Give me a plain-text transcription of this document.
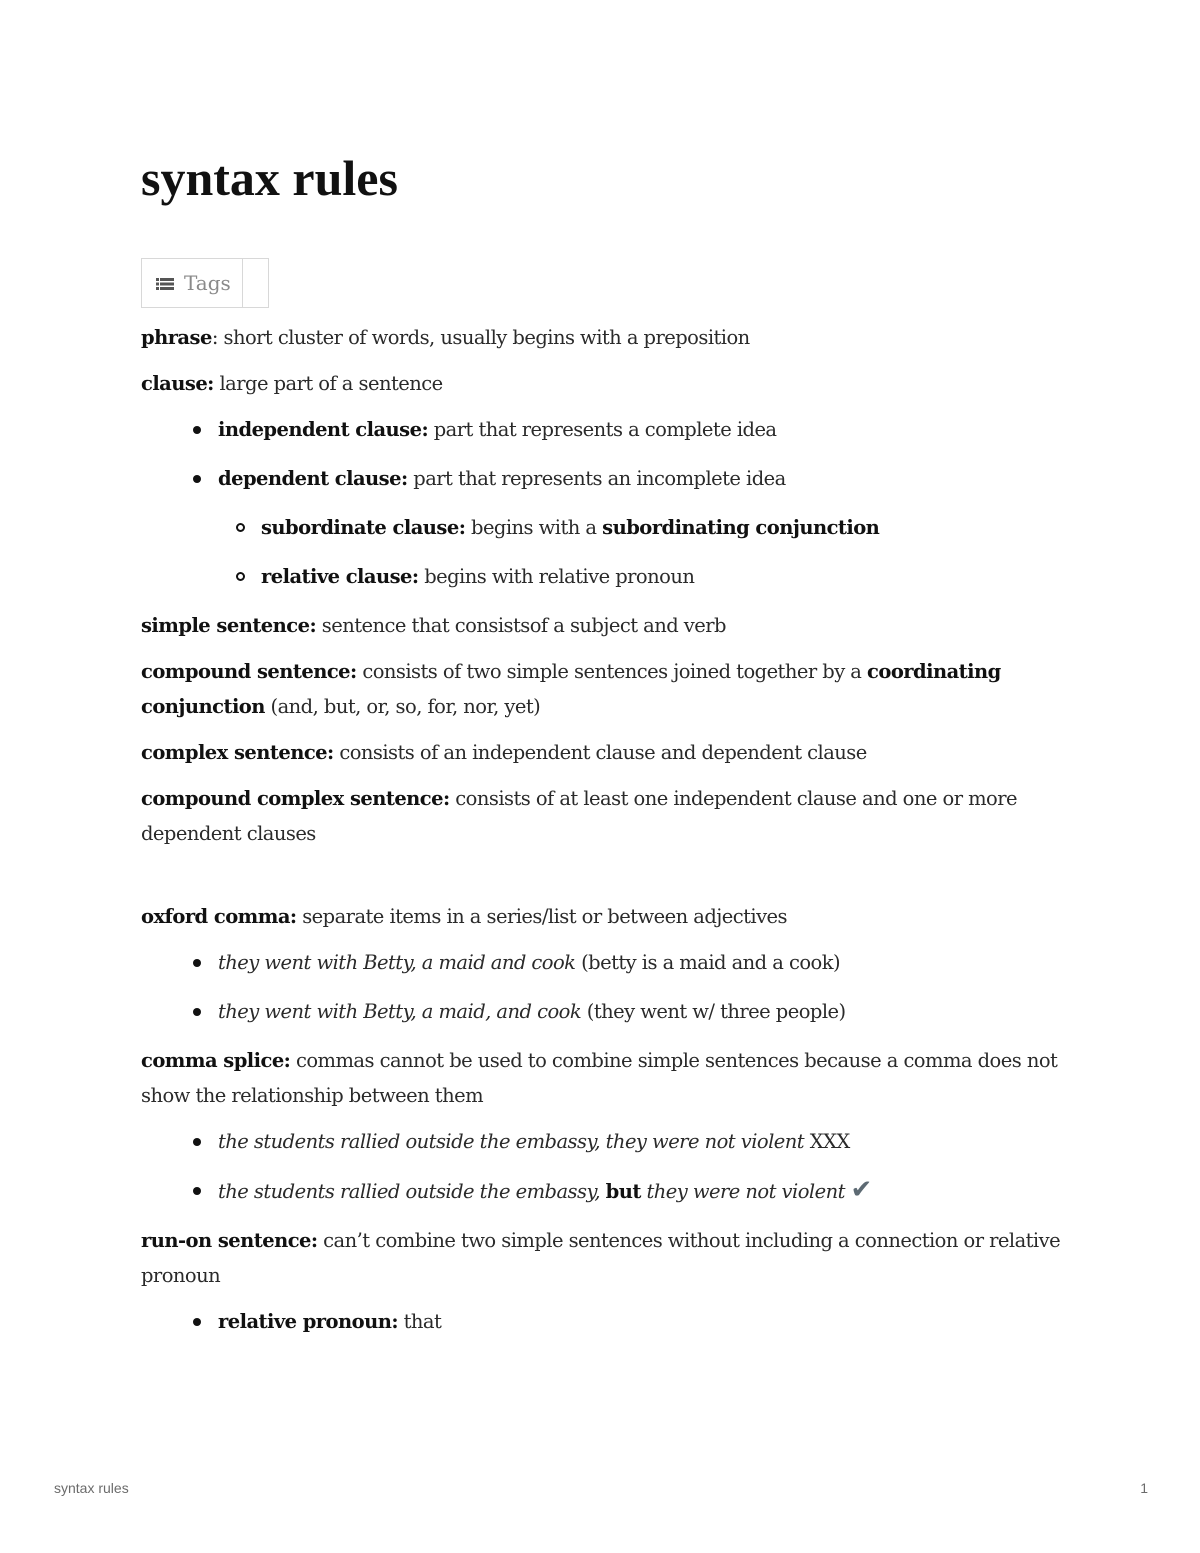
syntax rules
Tags

phrase: short cluster of words, usually begins with a preposition

clause: large part of a sentence

independent clause: part that represents a complete idea
dependent clause: part that represents an incomplete idea
subordinate clause: begins with a subordinating conjunction
relative clause: begins with relative pronoun

simple sentence: sentence that consistsof a subject and verb

compound sentence: consists of two simple sentences joined together by a coordinating conjunction (and, but, or, so, for, nor, yet)

complex sentence: consists of an independent clause and dependent clause

compound complex sentence: consists of at least one independent clause and one or more dependent clauses

oxford comma: separate items in a series/list or between adjectives

they went with Betty, a maid and cook (betty is a maid and a cook)
they went with Betty, a maid, and cook (they went w/ three people)

comma splice: commas cannot be used to combine simple sentences because a comma does not show the relationship between them

the students rallied outside the embassy, they were not violent XXX
the students rallied outside the embassy, but they were not violent ✔

run-on sentence: can’t combine two simple sentences without including a connection or relative pronoun

relative pronoun: that
syntax rules	1
